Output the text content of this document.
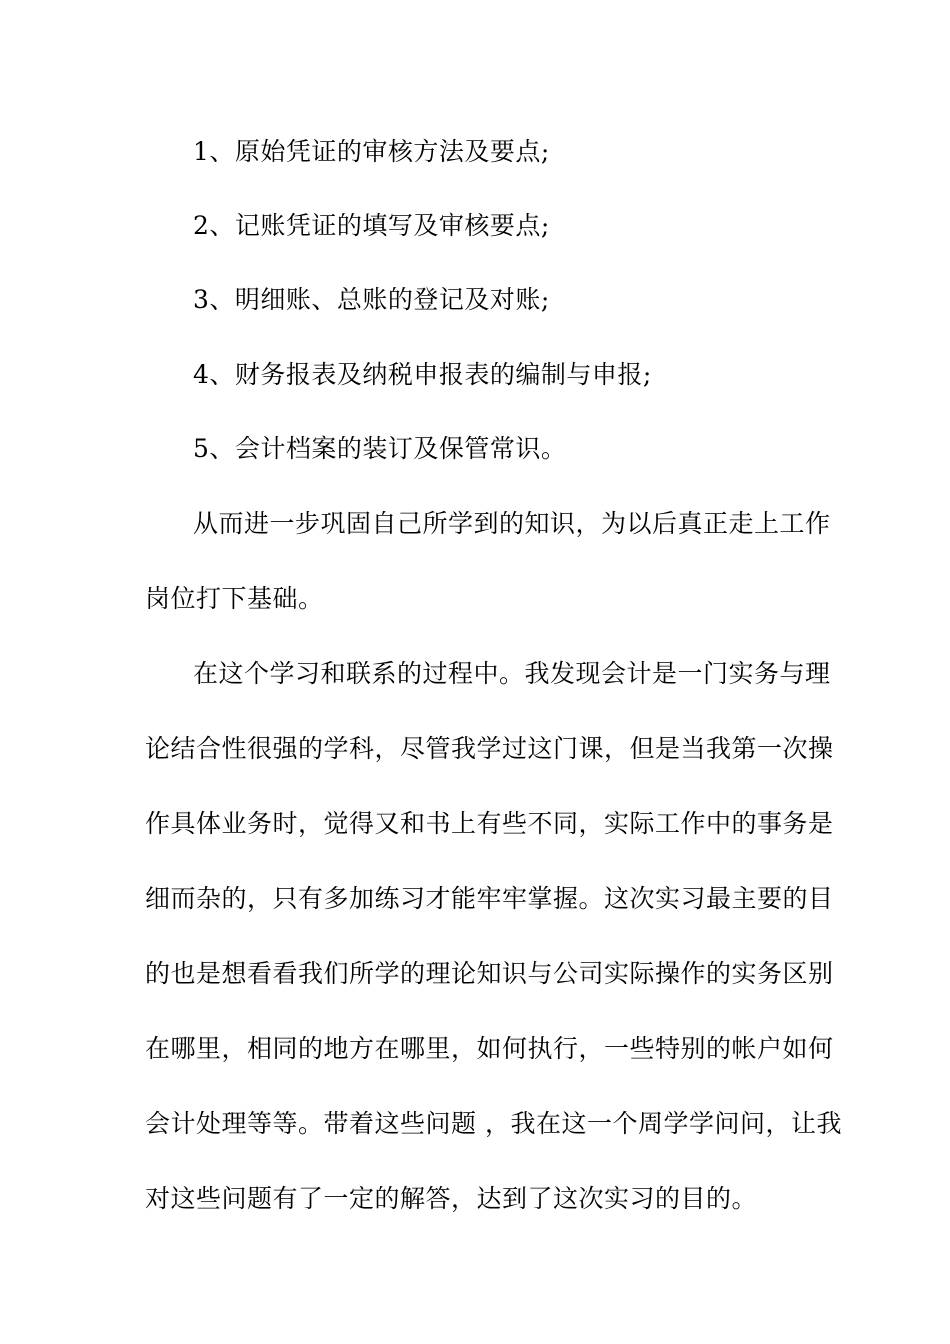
1、原始凭证的审核方法及要点;
2、记账凭证的填写及审核要点;
3、明细账、总账的登记及对账;
4、财务报表及纳税申报表的编制与申报;
5、会计档案的装订及保管常识。
从而进一步巩固自己所学到的知识，为以后真正走上工作
岗位打下基础。
在这个学习和联系的过程中。我发现会计是一门实务与理
论结合性很强的学科，尽管我学过这门课，但是当我第一次操
作具体业务时，觉得又和书上有些不同，实际工作中的事务是
细而杂的，只有多加练习才能牢牢掌握。这次实习最主要的目
的也是想看看我们所学的理论知识与公司实际操作的实务区别
在哪里，相同的地方在哪里，如何执行，一些特别的帐户如何
会计处理等等。带着这些问题 ，我在这一个周学学问问，让我
对这些问题有了一定的解答，达到了这次实习的目的。
